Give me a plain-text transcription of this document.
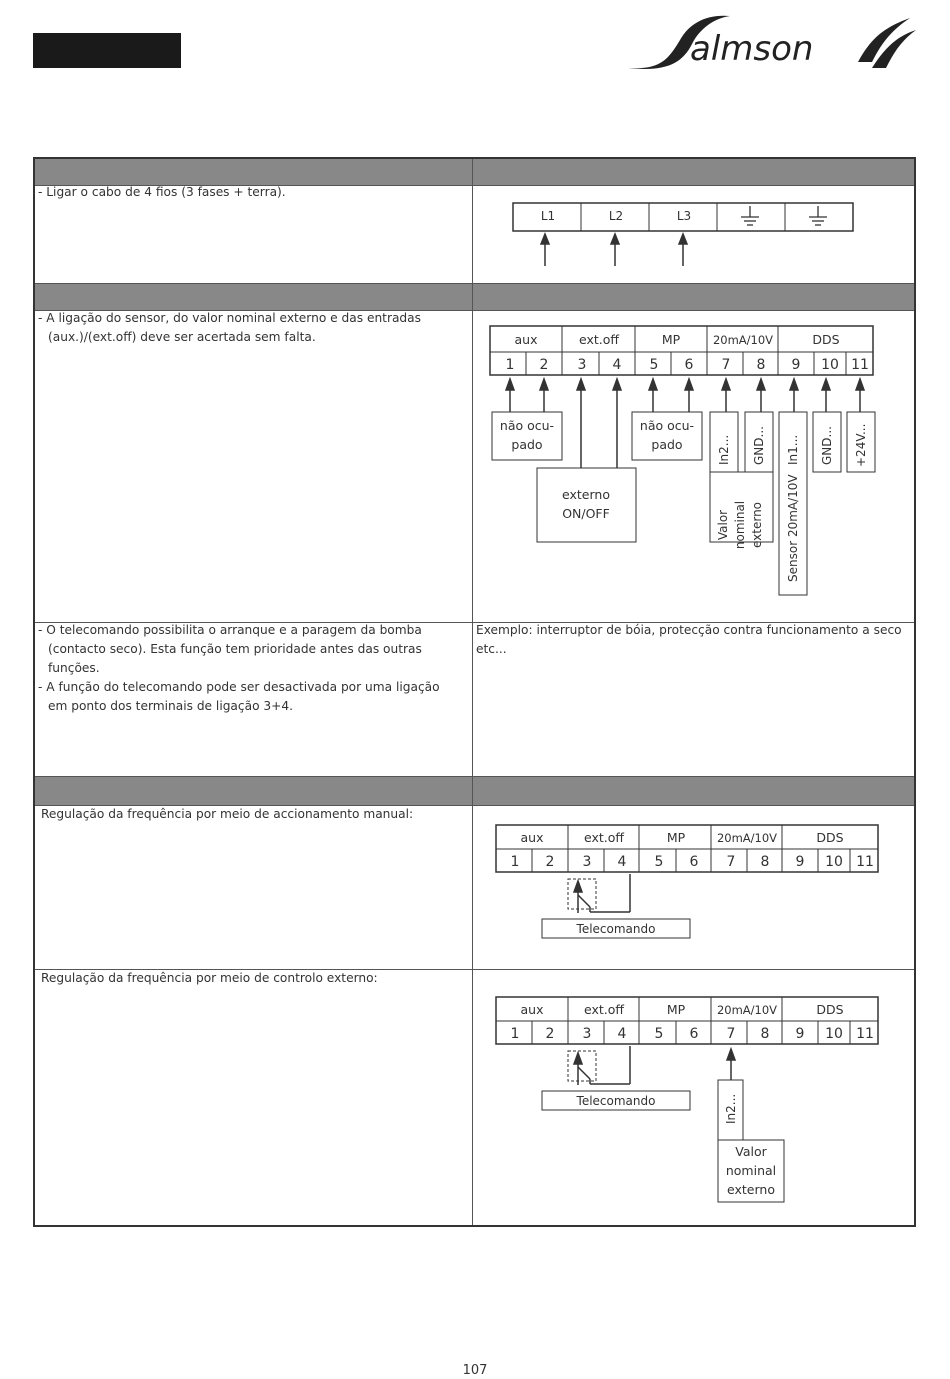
almson
- Ligar o cabo de 4 fios (3 fases + terra).
L1	L2	L3

- A ligação do sensor, do valor nominal externo e das entradas

(aux.)/(ext.off) deve ser acertada sem falta.	aux	ext.off	MP	20mA/10V	DDS
1 2 3 4 5 6 7 8 9 10 11
não ocu-
pado
não ocu-
pado
externo
ON/OFF
In2... GND... In1... GND... +24V...
Valor nominal externo Sensor 20mA/10V

- O telecomando possibilita o arranque e a paragem da bomba

(contacto seco). Esta função tem prioridade antes das outras

funções.

- A função do telecomando pode ser desactivada por uma ligação

em ponto dos terminais de ligação 3+4.

Exemplo: interruptor de bóia, protecção contra funcionamento a seco

etc...

Regulação da frequência por meio de accionamento manual:
aux	ext.off	MP	20mA/10V	DDS
1 2 3 4 5 6 7 8 9 10 11
Telecomando
Regulação da frequência por meio de controlo externo:
aux	ext.off	MP	20mA/10V	DDS
1 2 3 4 5 6 7 8 9 10 11
Telecomando	In2...
Valor
nominal
externo
107
